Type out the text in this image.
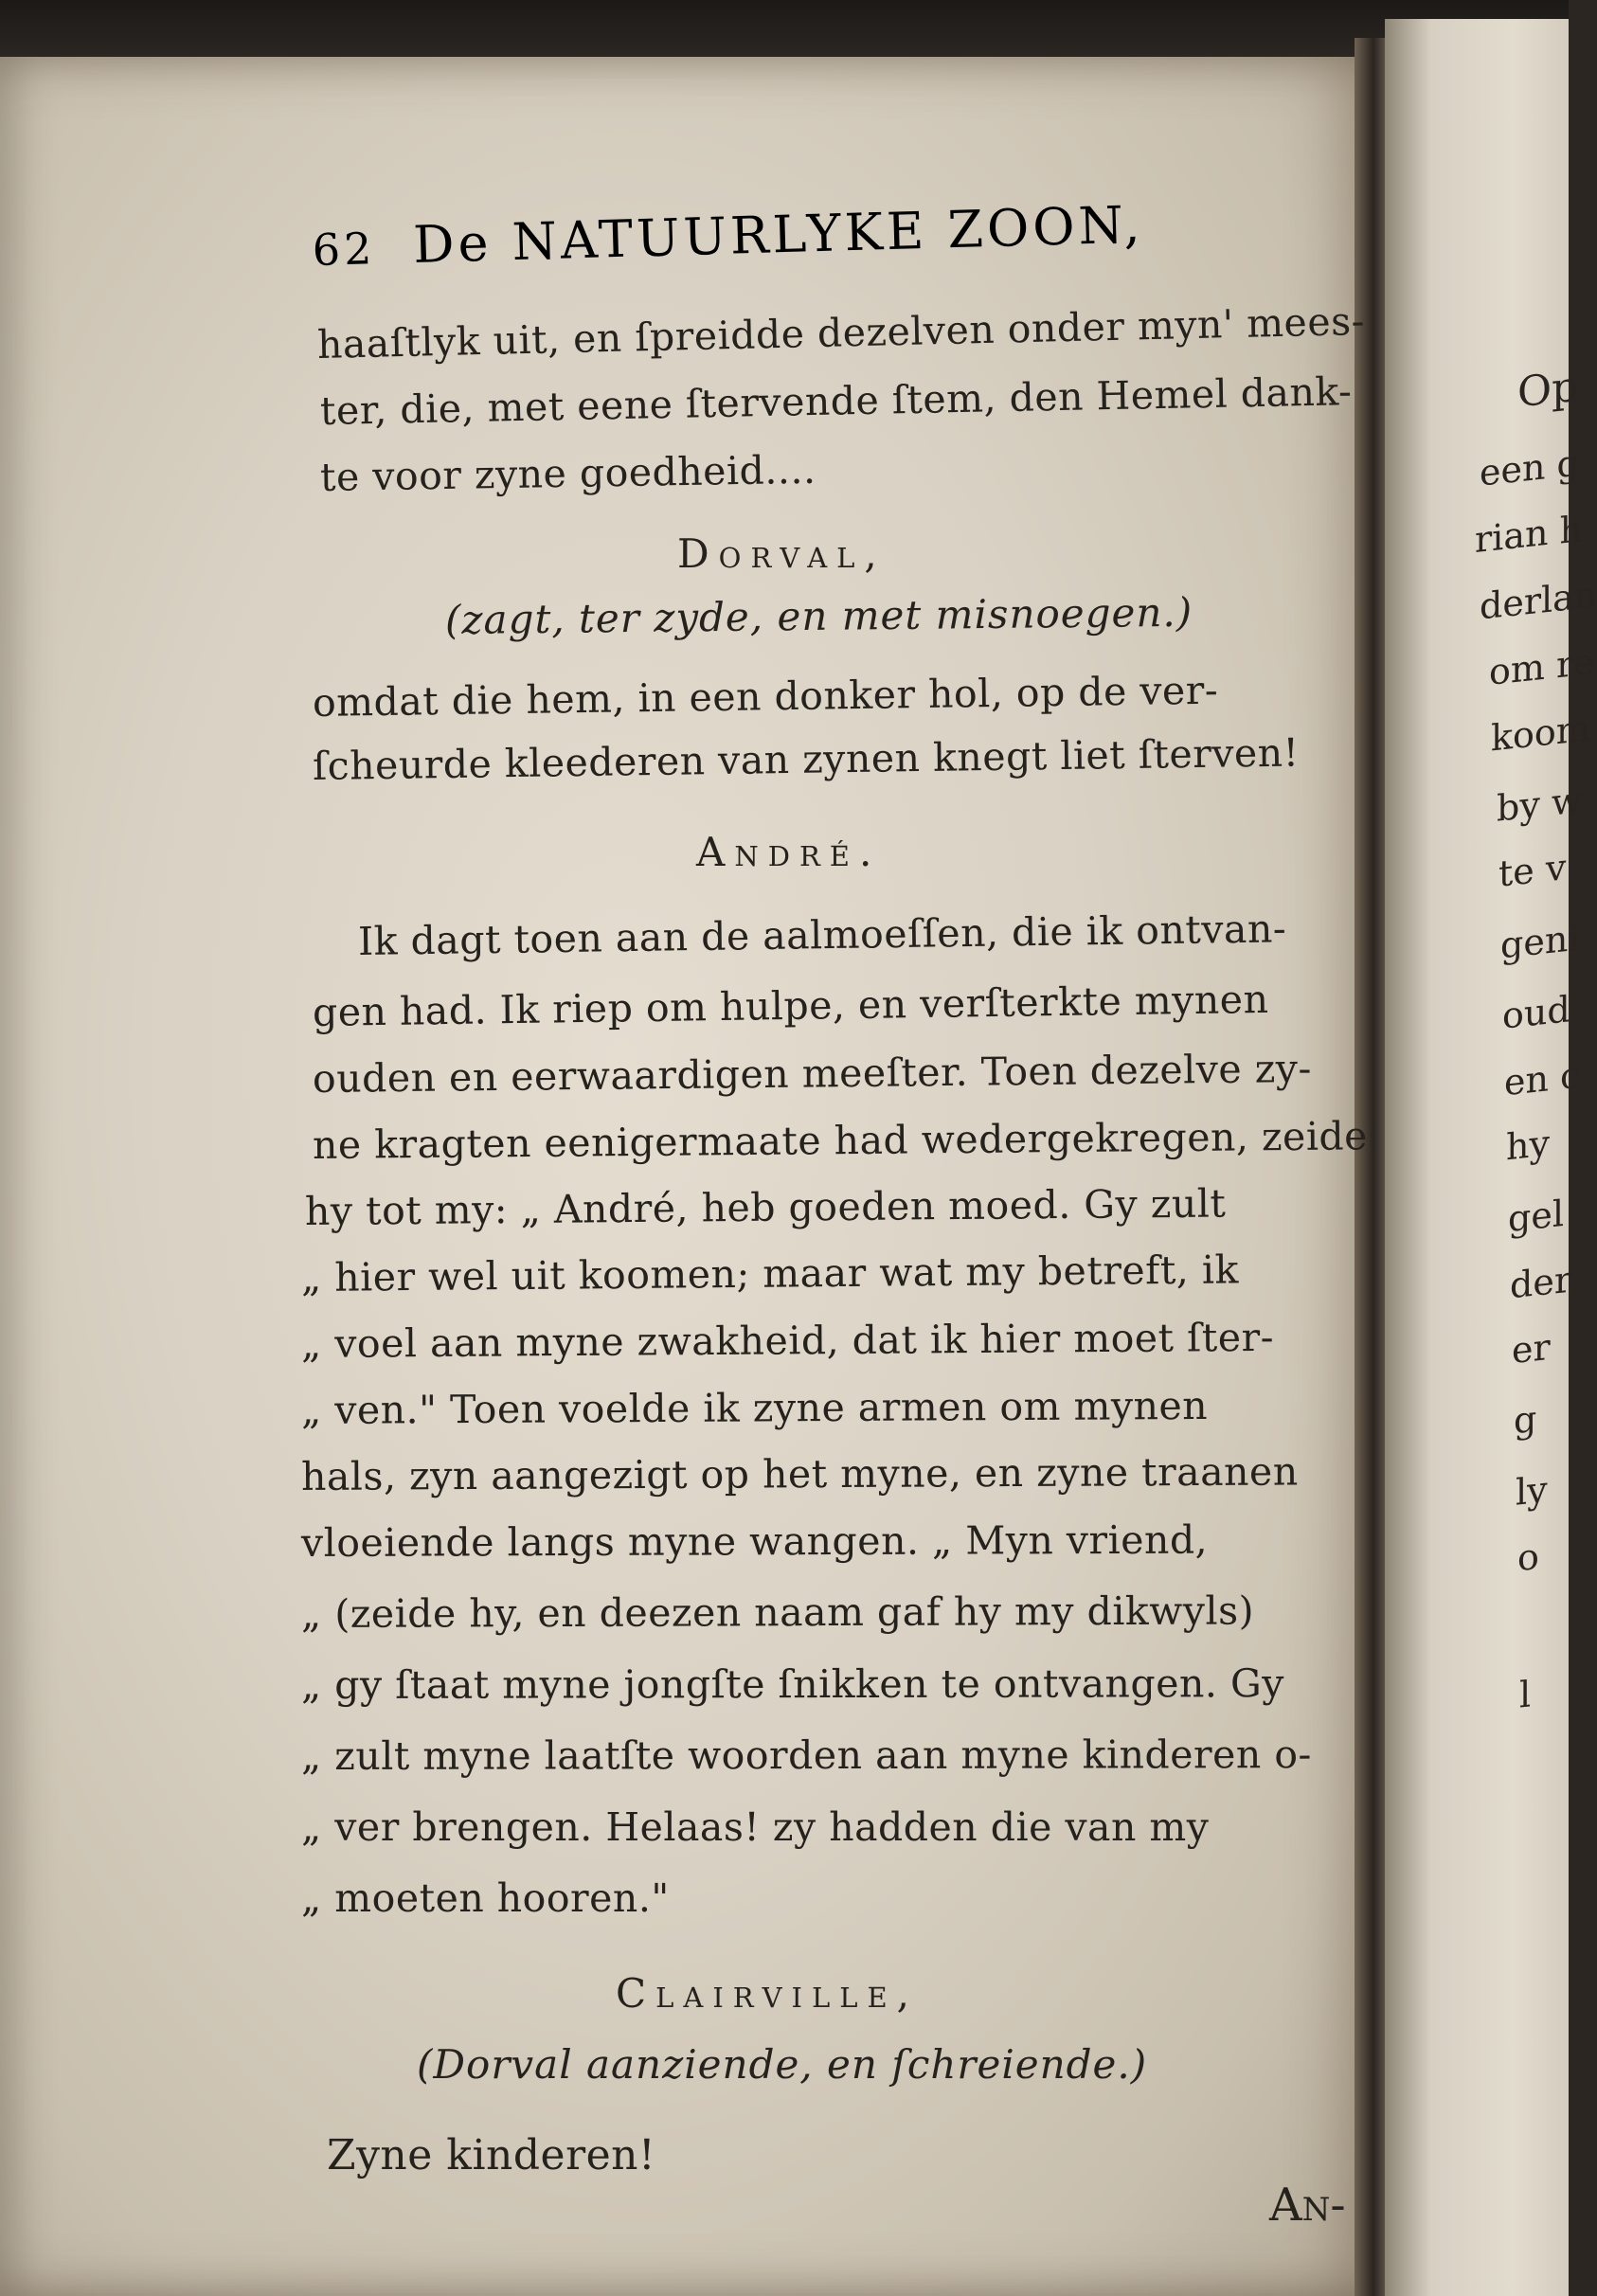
Op
een g
rian h
derlan
om re
koom
by w
te v
geni
oud
en c
hy
gel
der
er
g
ly
o
l
62 De NATUURLYKE ZOON,
haaſtlyk uit, en ſpreidde dezelven onder myn' mees-
ter, die, met eene ſtervende ſtem, den Hemel dank-
te voor zyne goedheid....
Dorval,
(zagt, ter zyde, en met misnoegen.)
omdat die hem, in een donker hol, op de ver-
ſcheurde kleederen van zynen knegt liet ſterven!
André.
Ik dagt toen aan de aalmoeſſen, die ik ontvan-
gen had. Ik riep om hulpe, en verſterkte mynen
ouden en eerwaardigen meeſter. Toen dezelve zy-
ne kragten eenigermaate had wedergekregen, zeide
hy tot my: „ André, heb goeden moed. Gy zult
„ hier wel uit koomen; maar wat my betreft, ik
„ voel aan myne zwakheid, dat ik hier moet ſter-
„ ven." Toen voelde ik zyne armen om mynen
hals, zyn aangezigt op het myne, en zyne traanen
vloeiende langs myne wangen. „ Myn vriend,
„ (zeide hy, en deezen naam gaf hy my dikwyls)
„ gy ſtaat myne jongſte ſnikken te ontvangen. Gy
„ zult myne laatſte woorden aan myne kinderen o-
„ ver brengen. Helaas! zy hadden die van my
„ moeten hooren."
Clairville,
(Dorval aanziende, en ſchreiende.)
Zyne kinderen!
An-
